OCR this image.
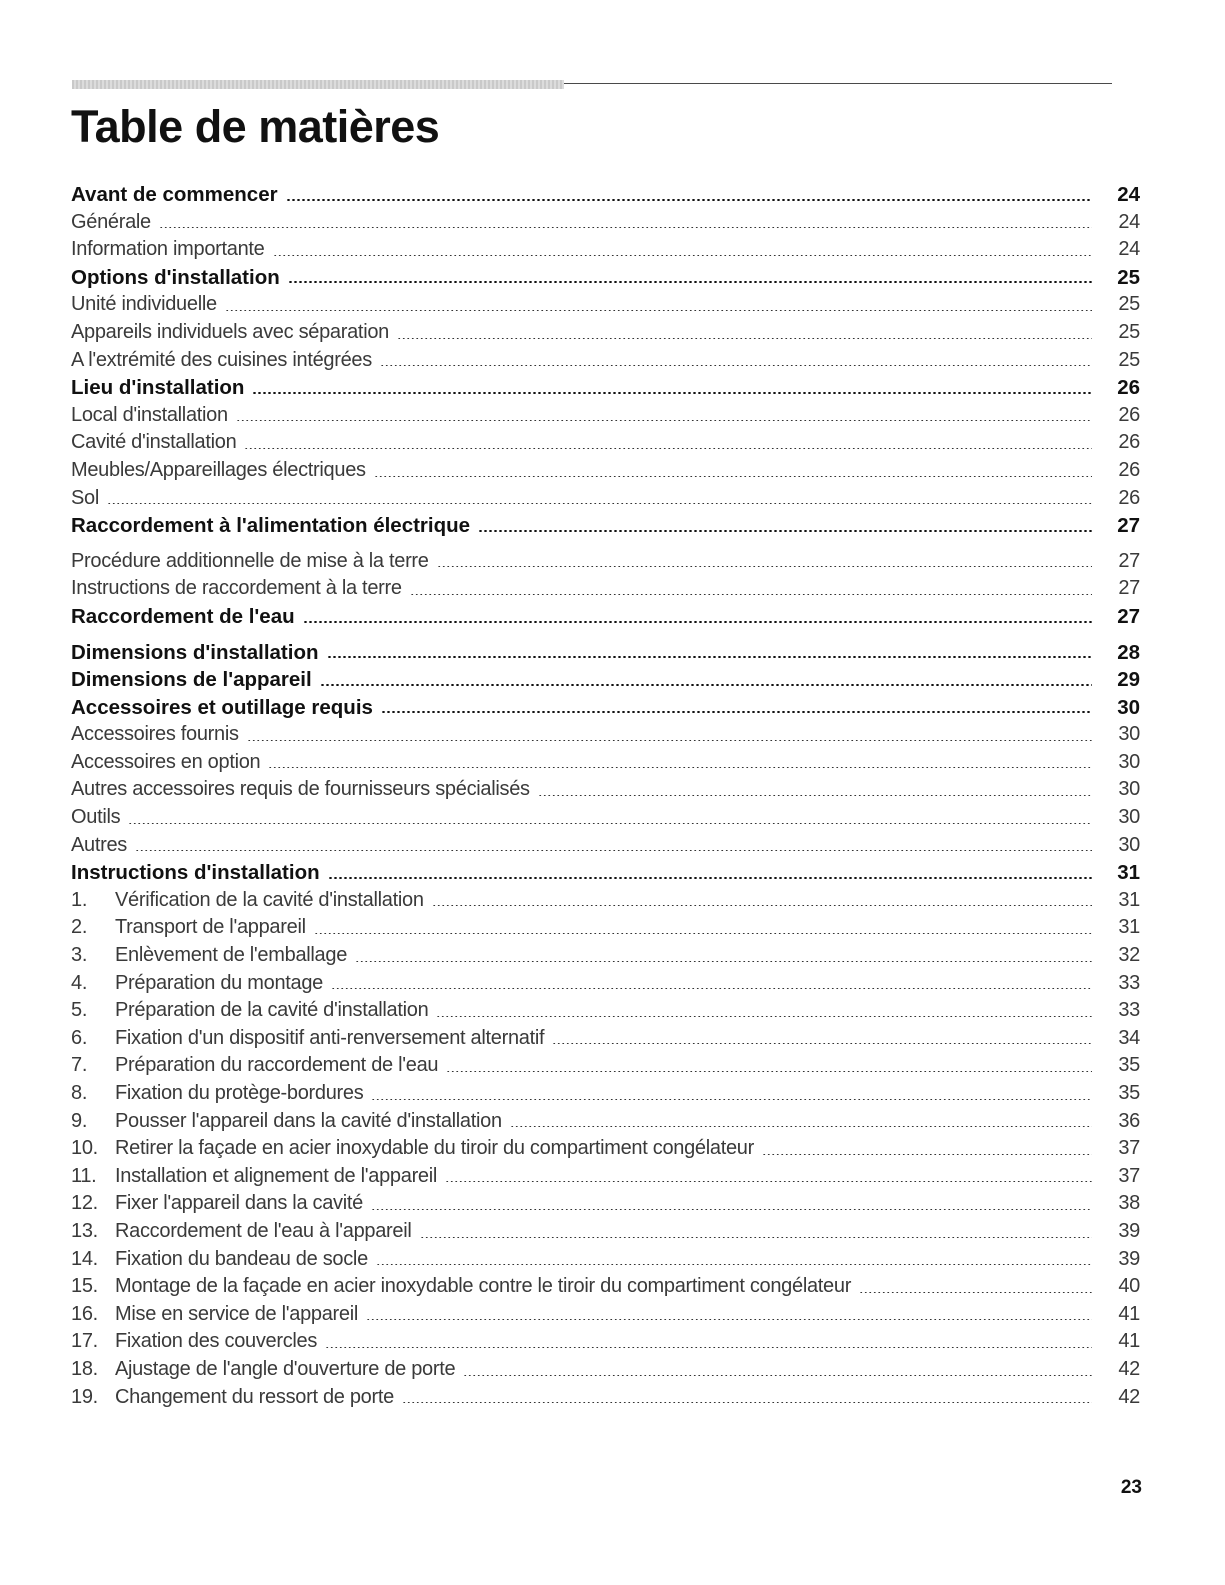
Table de matières
Avant de commencer	24
Générale	24
Information importante	24
Options d'installation	25
Unité individuelle	25
Appareils individuels avec séparation	25
A l'extrémité des cuisines intégrées	25
Lieu d'installation	26
Local d'installation	26
Cavité d'installation	26
Meubles/Appareillages électriques	26
Sol	26
Raccordement à l'alimentation électrique	27
Procédure additionnelle de mise à la terre	27
Instructions de raccordement à la terre	27
Raccordement de l'eau	27
Dimensions d'installation	28
Dimensions de l'appareil	29
Accessoires et outillage requis	30
Accessoires fournis	30
Accessoires en option	30
Autres accessoires requis de fournisseurs spécialisés	30
Outils	30
Autres	30
Instructions d'installation	31
1.	Vérification de la cavité d'installation	31
2.	Transport de l'appareil	31
3.	Enlèvement de l'emballage	32
4.	Préparation du montage	33
5.	Préparation de la cavité d'installation	33
6.	Fixation d'un dispositif anti-renversement alternatif	34
7.	Préparation du raccordement de l'eau	35
8.	Fixation du protège-bordures	35
9.	Pousser l'appareil dans la cavité d'installation	36
10. Retirer la façade en acier inoxydable du tiroir du compartiment congélateur	37
11. Installation et alignement de l'appareil	37
12. Fixer l'appareil dans la cavité	38
13. Raccordement de l'eau à l'appareil	39
14. Fixation du bandeau de socle	39
15. Montage de la façade en acier inoxydable contre le tiroir du compartiment congélateur	40
16. Mise en service de l'appareil	41
17. Fixation des couvercles	41
18. Ajustage de l'angle d'ouverture de porte	42
19. Changement du ressort de porte	42
23
